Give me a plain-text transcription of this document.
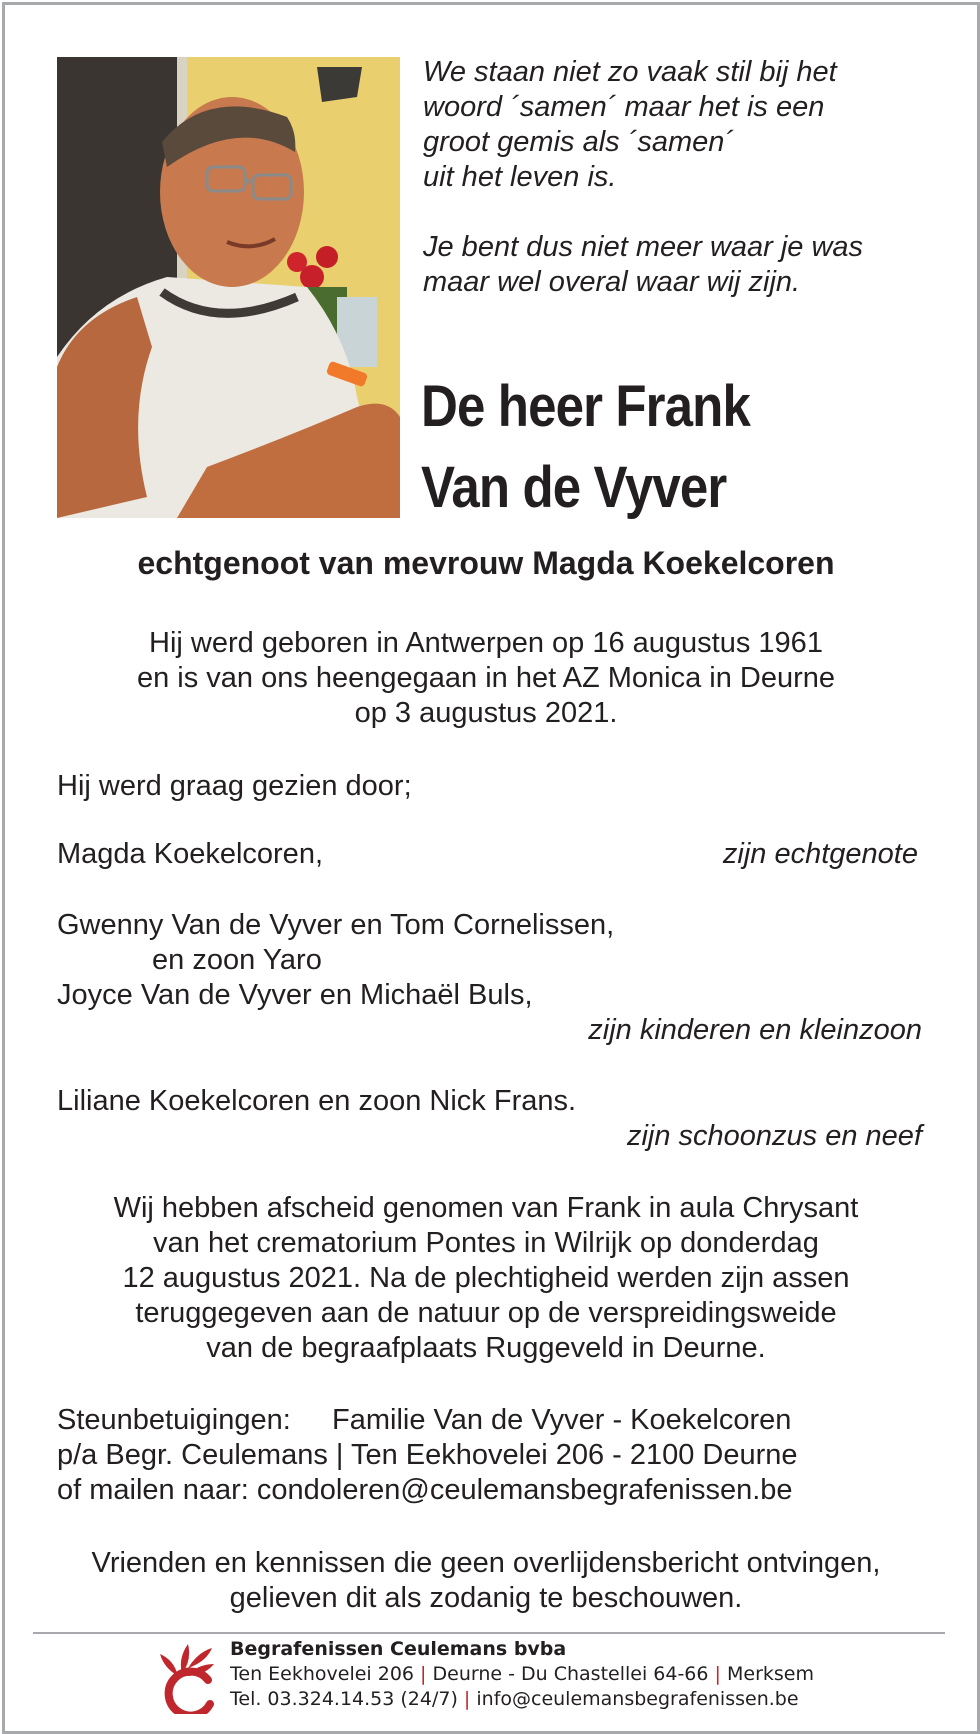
We staan niet zo vaak stil bij het
woord ´samen´ maar het is een
groot gemis als ´samen´
uit het leven is.

Je bent dus niet meer waar je was
maar wel overal waar wij zijn.

De heer Frank
Van de Vyver
echtgenoot van mevrouw Magda Koekelcoren
Hij werd geboren in Antwerpen op 16 augustus 1961
en is van ons heengegaan in het AZ Monica in Deurne
op 3 augustus 2021.
Hij werd graag gezien door;
Magda Koekelcoren,	zijn echtgenote
Gwenny Van de Vyver en Tom Cornelissen,
en zoon Yaro
Joyce Van de Vyver en Michaël Buls,
zijn kinderen en kleinzoon
Liliane Koekelcoren en zoon Nick Frans.
zijn schoonzus en neef
Wij hebben afscheid genomen van Frank in aula Chrysant
van het crematorium Pontes in Wilrijk op donderdag
12 augustus 2021. Na de plechtigheid werden zijn assen
teruggegeven aan de natuur op de verspreidingsweide
van de begraafplaats Ruggeveld in Deurne.
Steunbetuigingen: Familie Van de Vyver - Koekelcoren
p/a Begr. Ceulemans | Ten Eekhovelei 206 - 2100 Deurne
of mailen naar: condoleren@ceulemansbegrafenissen.be
Vrienden en kennissen die geen overlijdensbericht ontvingen,
gelieven dit als zodanig te beschouwen.
Begrafenissen Ceulemans bvba
Ten Eekhovelei 206 | Deurne - Du Chastellei 64-66 | Merksem
Tel. 03.324.14.53 (24/7) | info@ceulemansbegrafenissen.be
